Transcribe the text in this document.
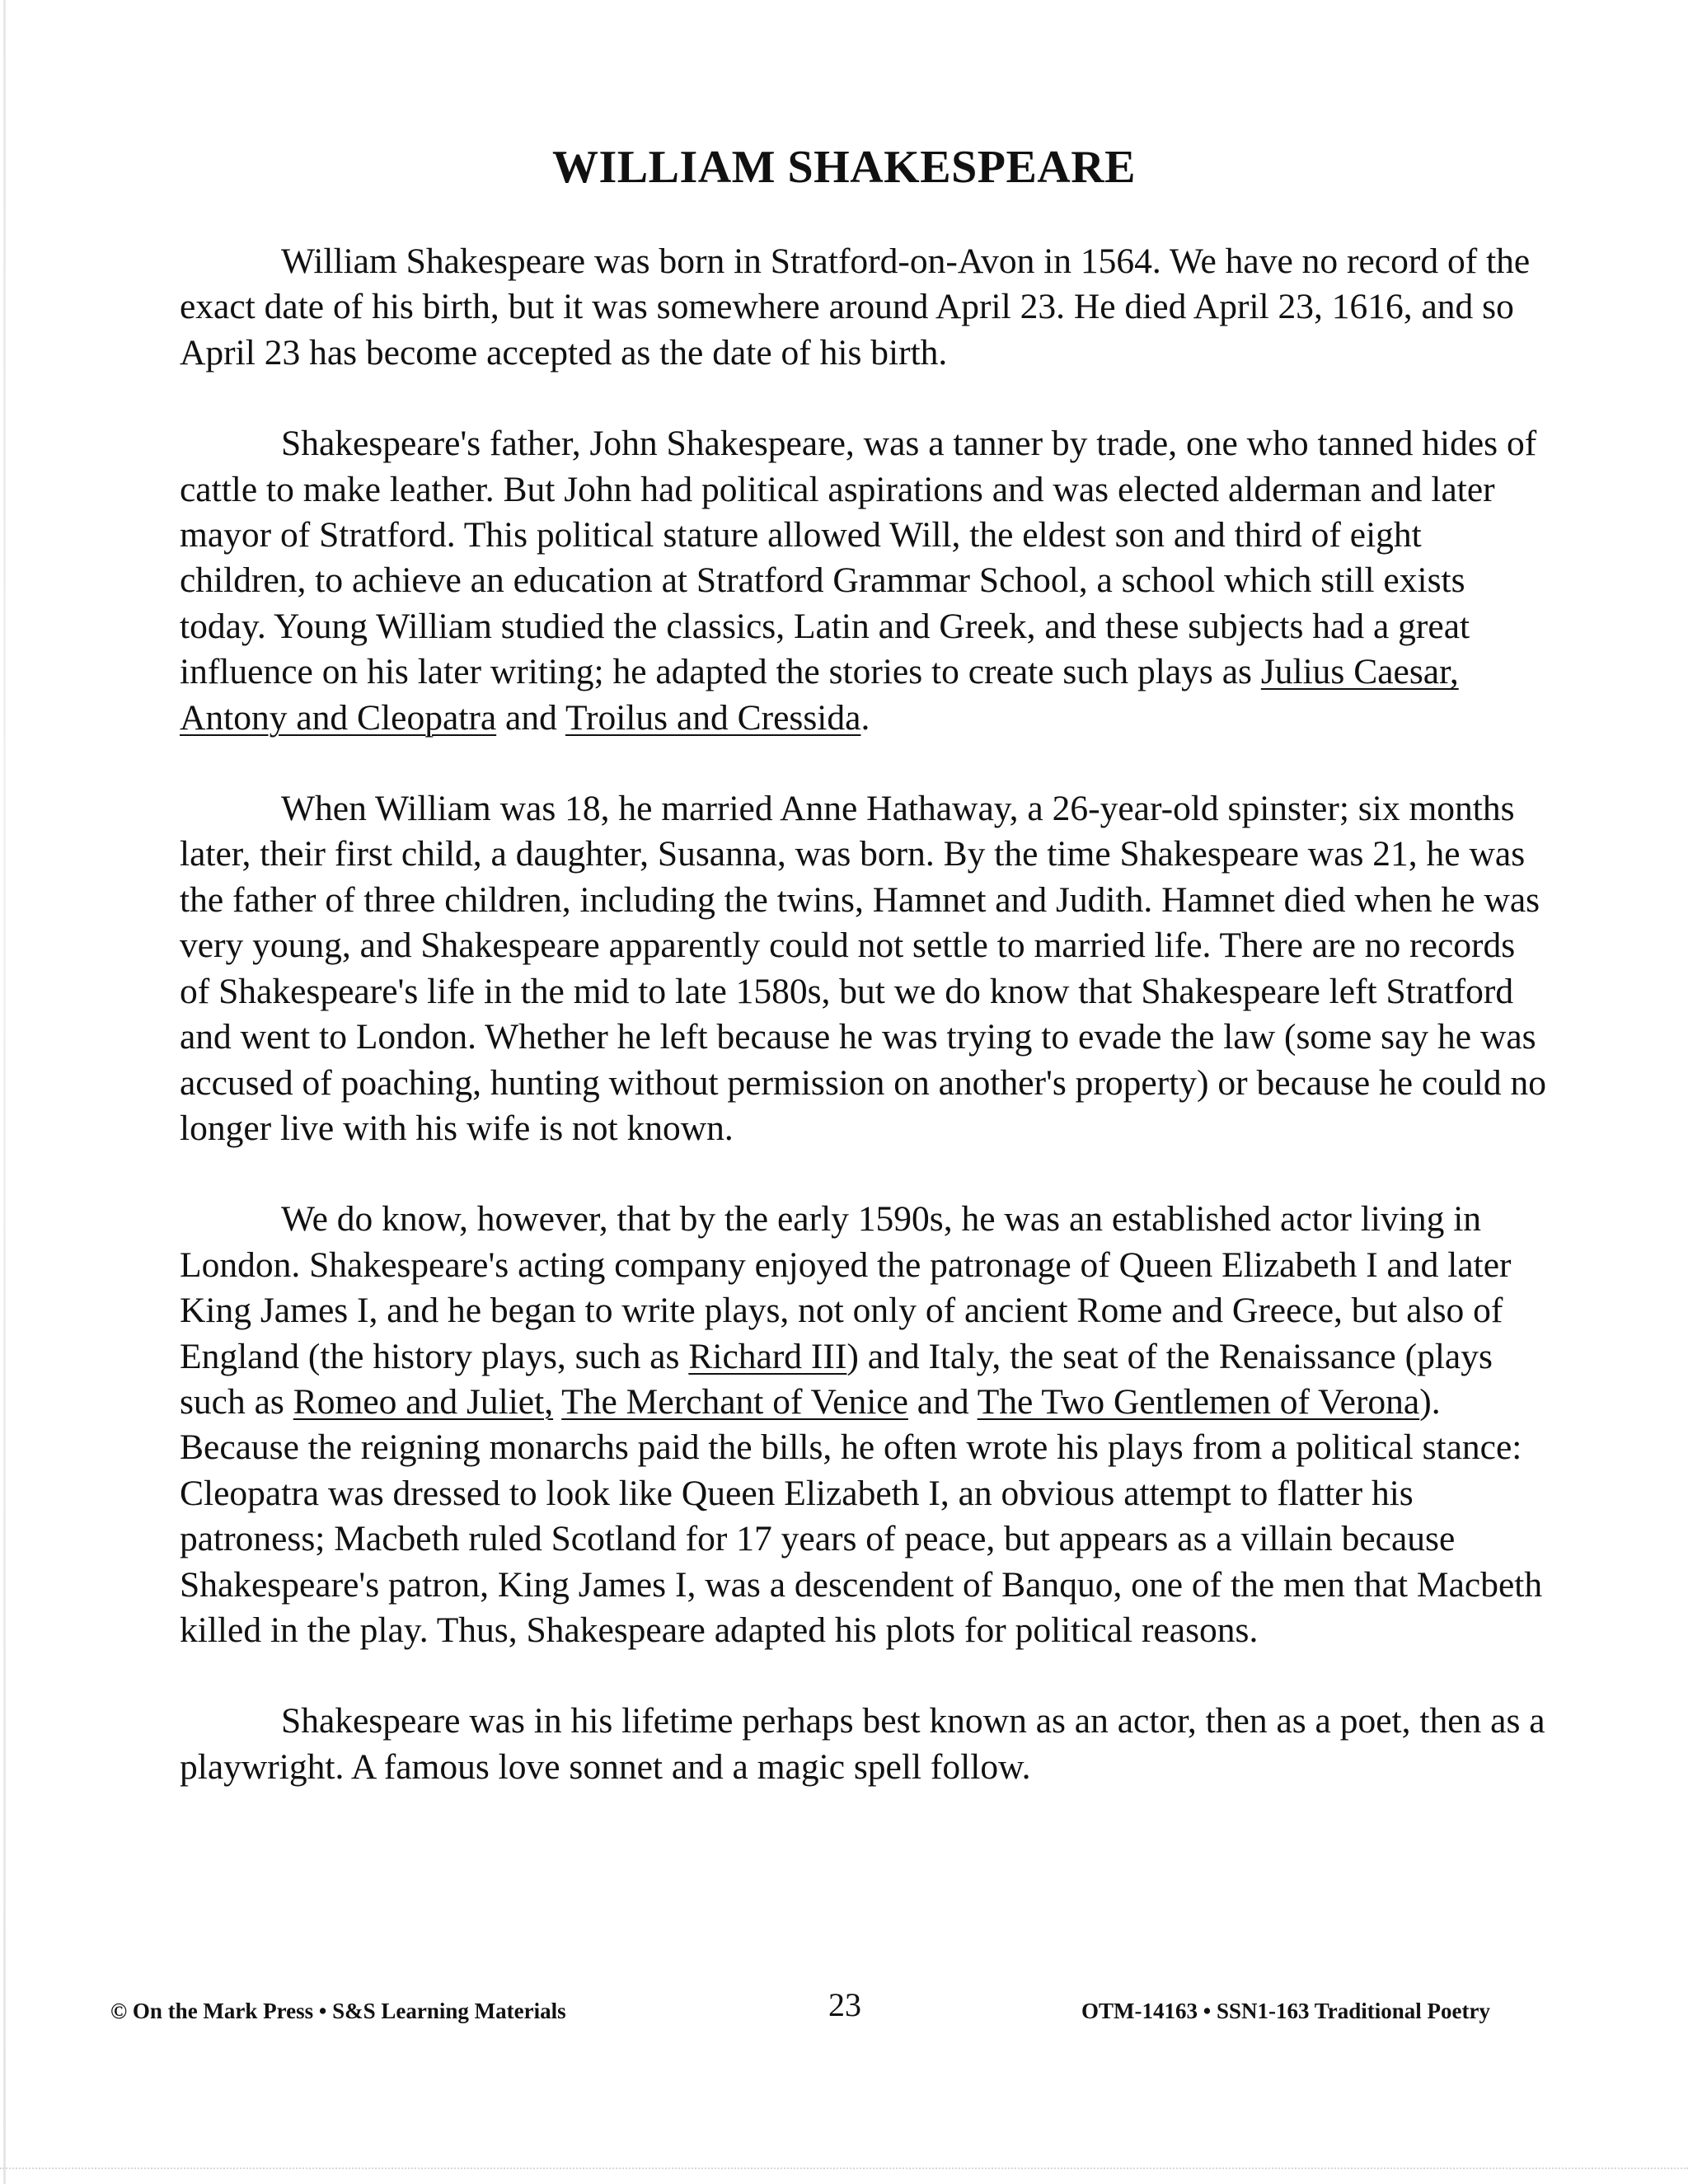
WILLIAM SHAKESPEARE

William Shakespeare was born in Stratford-on-Avon in 1564. We have no record of the exact date of his birth, but it was somewhere around April 23. He died April 23, 1616, and so April 23 has become accepted as the date of his birth.

Shakespeare's father, John Shakespeare, was a tanner by trade, one who tanned hides of cattle to make leather. But John had political aspirations and was elected alderman and later mayor of Stratford. This political stature allowed Will, the eldest son and third of eight children, to achieve an education at Stratford Grammar School, a school which still exists today. Young William studied the classics, Latin and Greek, and these subjects had a great influence on his later writing; he adapted the stories to create such plays as Julius Caesar, Antony and Cleopatra and Troilus and Cressida.

When William was 18, he married Anne Hathaway, a 26-year-old spinster; six months later, their first child, a daughter, Susanna, was born. By the time Shakespeare was 21, he was the father of three children, including the twins, Hamnet and Judith. Hamnet died when he was very young, and Shakespeare apparently could not settle to married life. There are no records of Shakespeare's life in the mid to late 1580s, but we do know that Shakespeare left Stratford and went to London. Whether he left because he was trying to evade the law (some say he was accused of poaching, hunting without permission on another's property) or because he could no longer live with his wife is not known.

We do know, however, that by the early 1590s, he was an established actor living in London. Shakespeare's acting company enjoyed the patronage of Queen Elizabeth I and later King James I, and he began to write plays, not only of ancient Rome and Greece, but also of England (the history plays, such as Richard III) and Italy, the seat of the Renaissance (plays such as Romeo and Juliet, The Merchant of Venice and The Two Gentlemen of Verona). Because the reigning monarchs paid the bills, he often wrote his plays from a political stance: Cleopatra was dressed to look like Queen Elizabeth I, an obvious attempt to flatter his patroness; Macbeth ruled Scotland for 17 years of peace, but appears as a villain because Shakespeare's patron, King James I, was a descendent of Banquo, one of the men that Macbeth killed in the play. Thus, Shakespeare adapted his plots for political reasons.

Shakespeare was in his lifetime perhaps best known as an actor, then as a poet, then as a playwright. A famous love sonnet and a magic spell follow.

© On the Mark Press • S&S Learning Materials	23	OTM-14163 • SSN1-163 Traditional Poetry
